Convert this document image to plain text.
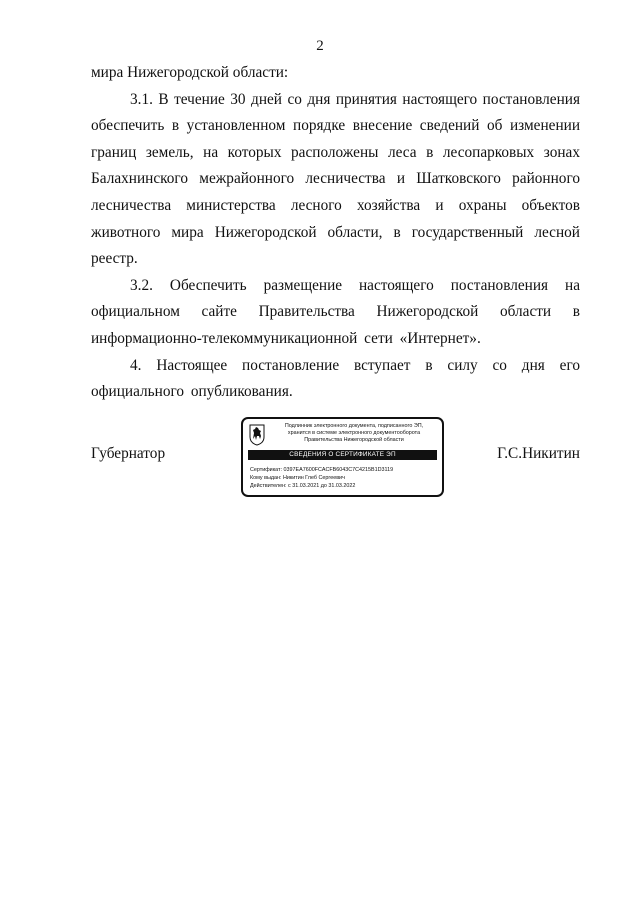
2

мира Нижегородской области:

3.1. В течение 30 дней со дня принятия настоящего постановления обеспечить в установленном порядке внесение сведений об изменении границ земель, на которых расположены леса в лесопарковых зонах Балахнинского межрайонного лесничества и Шатковского районного лесничества министерства лесного хозяйства и охраны объектов животного мира Нижегородской области, в государственный лесной реестр.

3.2. Обеспечить размещение настоящего постановления на официальном сайте Правительства Нижегородской области в информационно-телекоммуникационной сети «Интернет».

4. Настоящее постановление вступает в силу со дня его официального опубликования.

Губернатор
Подлинник электронного документа, подписанного ЭП,
хранится в системе электронного документооборота
Правительства Нижегородской области
СВЕДЕНИЯ О СЕРТИФИКАТЕ ЭП
Сертификат: 0397EA7600FCACFB6043C7C4215B1D3119
Кому выдан: Никитин Глеб Сергеевич
Действителен: с 31.03.2021 до 31.03.2022
Г.С.Никитин
